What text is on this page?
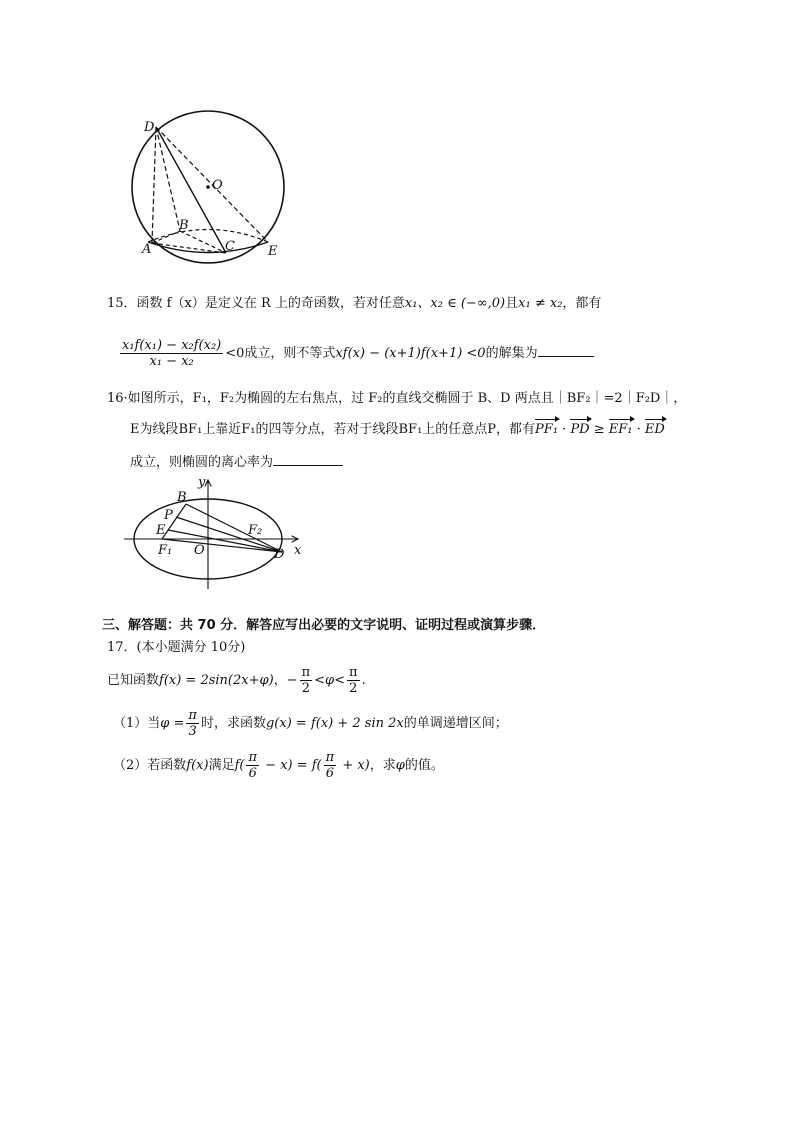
D
O
B
A	C	E
15．函数 f（x）是定义在 R 上的奇函数，若对任意x₁、x₂ ∈ (−∞,0)且x₁ ≠ x₂，都有
$\frac{\text{x₁f(x₁) − x₂f(x₂)}}{\text{x₁ − x₂}} <0$成立，则不等式xf(x) − (x+1)f(x+1) <0的解集为
16·如图所示，F₁，F₂为椭圆的左右焦点，过 F₂的直线交椭圆于 B、D 两点且｜BF₂｜=2｜F₂D｜，
E为线段BF₁上靠近F₁的四等分点，若对于线段BF₁上的任意点P，都有PF₁ · PD ≥ EF₁ · ED
成立，则椭圆的离心率为
y
B
P
E
F₁ O
F₂
D x
三、解答题：共 70 分．解答应写出必要的文字说明、证明过程或演算步骤．
17．(本小题满分 10分)
已知函数f(x) = 2sin(2x+φ)，− $\frac{\pi}{2} <\varphi< \frac{\pi}{2}$ .
（1）当$\varphi = \frac{\pi}{3}$ 时，求函数g(x) = f(x) + 2 sin 2x的单调递增区间；
（2）若函数f(x)满足$f( \frac{\pi}{6} - x) = f( \frac{\pi}{6} + x)$，求φ的值。
